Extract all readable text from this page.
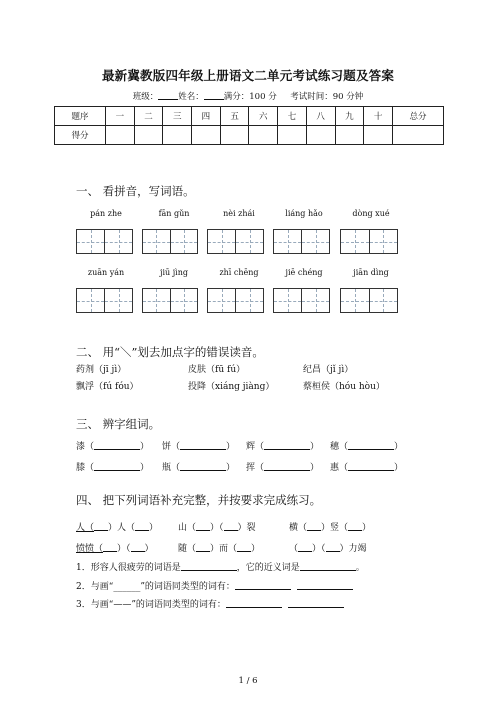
最新冀教版四年级上册语文二单元考试练习题及答案
班级： 姓名： 满分：100 分 考试时间：90 分钟
题序	一	二	三	四	五	六	七	八	九	十	总分
得分											
一、 看拼音，写词语。
pán zhe	fān gǔn	nèi zhái	liáng hǎo	dòng xué
zuān yán	jiū jìng	zhī chēng	jiē chéng	jiān dìng
二、 用“＼”划去加点字的错误读音。
药剂（jī jì）	皮肤（fū fú）	纪昌（jǐ jì）
飘浮（fú fóu）	投降（xiáng jiàng）	蔡桓侯（hóu hòu）
三、 辨字组词。
漆（	） 饼（	） 辉（	） 穗（	）
膝（	） 瓶（	） 挥（	） 惠（	）
四、 把下列词语补充完整，并按要求完成练习。
人（ ）人（ ） 山（ ）（ ）裂	横（ ）竖（ ）
愤愤（ ）（ ）	随（ ）而（ ）	（ ）（ ）力竭
1．形容人很疲劳的词语是	，它的近义词是	。
2．与画“______”的词语同类型的词有：
3．与画“——”的词语同类型的词有：
1 / 6
